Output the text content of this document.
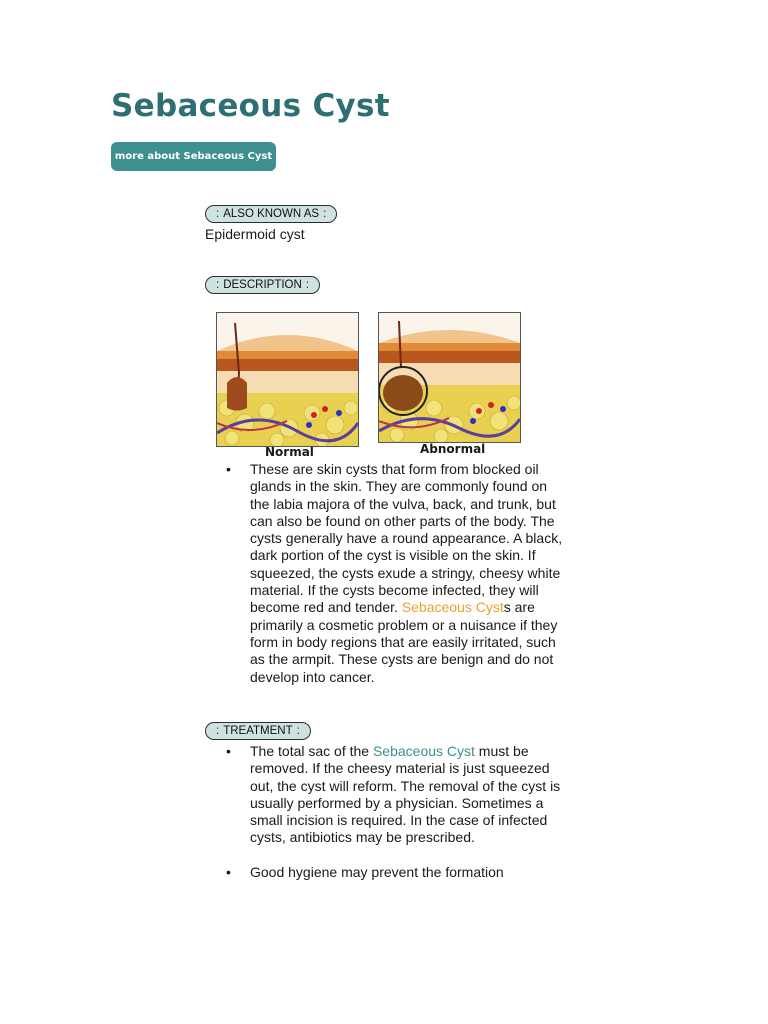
Sebaceous Cyst
more about Sebaceous Cyst
: ALSO KNOWN AS :
Epidermoid cyst
: DESCRIPTION :
Normal	Abnormal
• These are skin cysts that form from blocked oil glands in the skin. They are commonly found on the labia majora of the vulva, back, and trunk, but can also be found on other parts of the body. The cysts generally have a round appearance. A black, dark portion of the cyst is visible on the skin. If squeezed, the cysts exude a stringy, cheesy white material. If the cysts become infected, they will become red and tender. Sebaceous Cysts are primarily a cosmetic problem or a nuisance if they form in body regions that are easily irritated, such as the armpit. These cysts are benign and do not develop into cancer.
: TREATMENT :
• The total sac of the Sebaceous Cyst must be removed. If the cheesy material is just squeezed out, the cyst will reform. The removal of the cyst is usually performed by a physician. Sometimes a small incision is required. In the case of infected cysts, antibiotics may be prescribed.
• Good hygiene may prevent the formation
